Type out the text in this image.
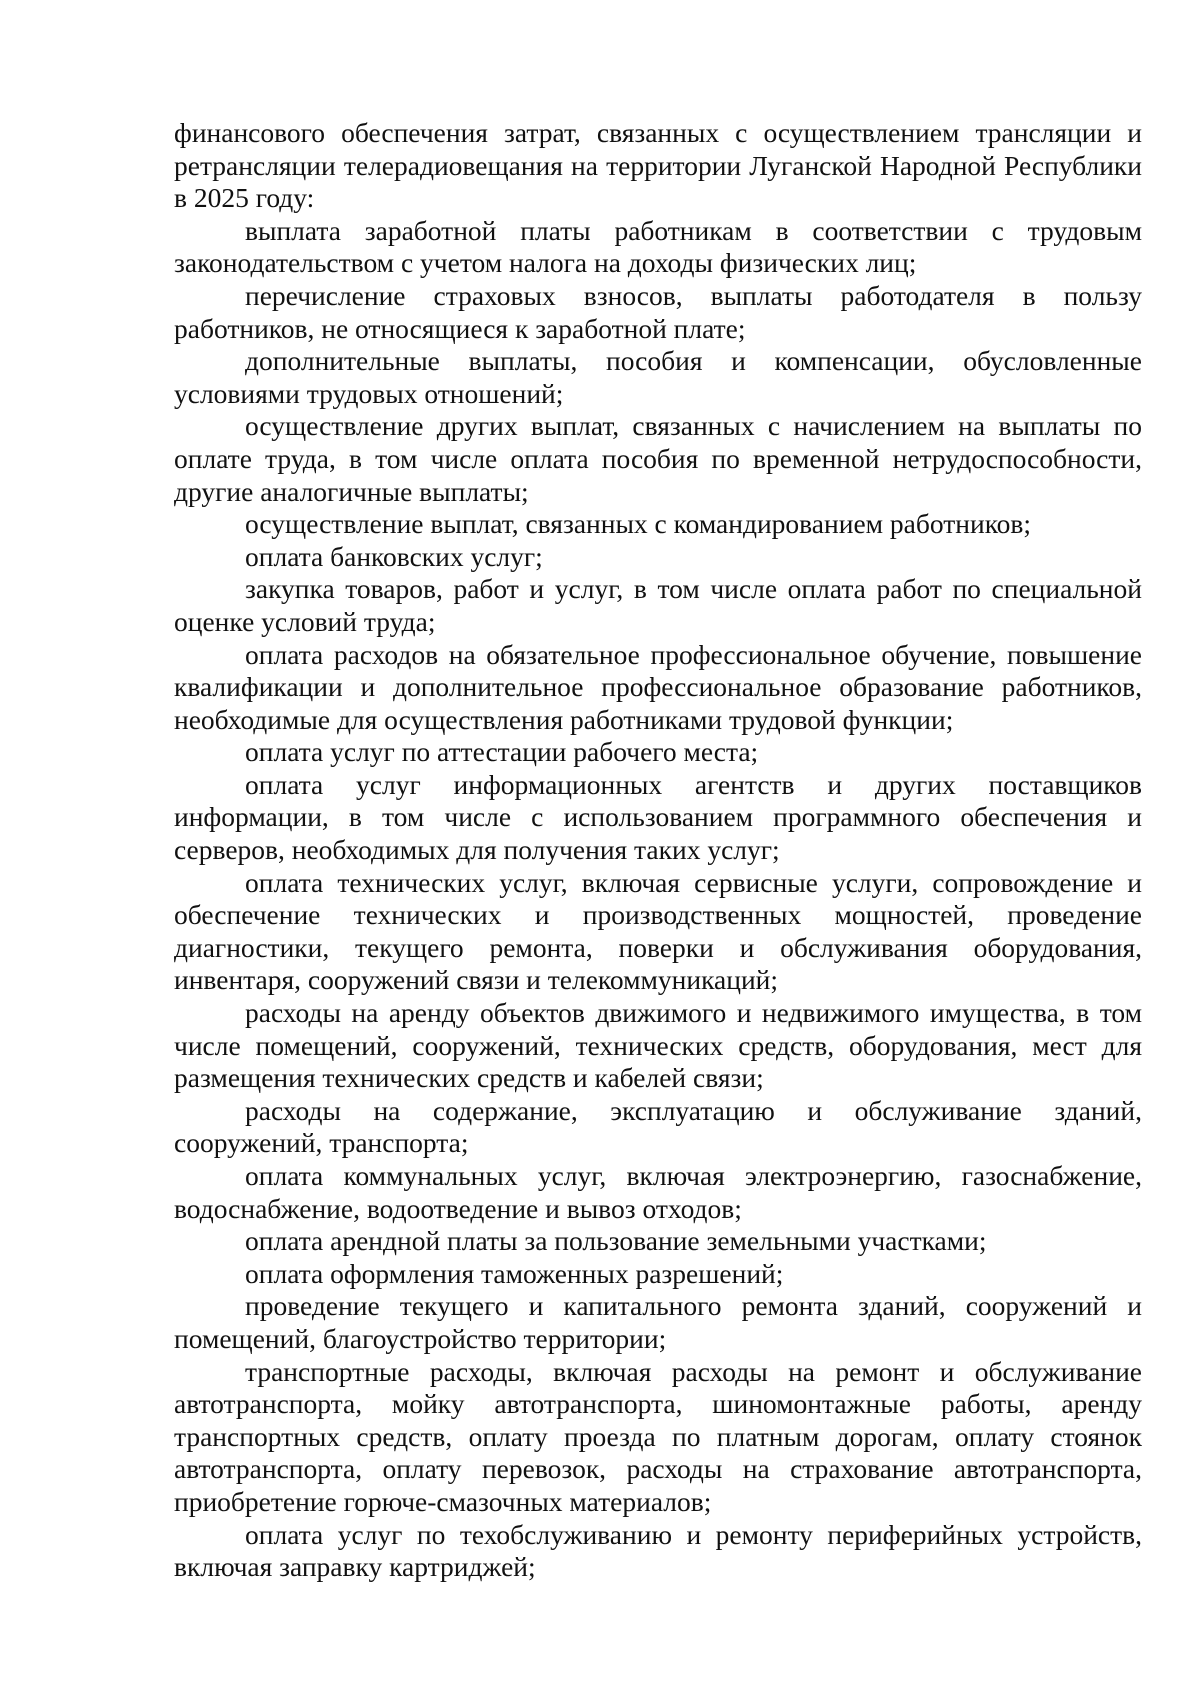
финансового обеспечения затрат, связанных с осуществлением трансляции и ретрансляции телерадиовещания на территории Луганской Народной Республики в 2025 году:

выплата заработной платы работникам в соответствии с трудовым законодательством с учетом налога на доходы физических лиц;

перечисление страховых взносов, выплаты работодателя в пользу работников, не относящиеся к заработной плате;

дополнительные выплаты, пособия и компенсации, обусловленные условиями трудовых отношений;

осуществление других выплат, связанных с начислением на выплаты по оплате труда, в том числе оплата пособия по временной нетрудоспособности, другие аналогичные выплаты;

осуществление выплат, связанных с командированием работников;

оплата банковских услуг;

закупка товаров, работ и услуг, в том числе оплата работ по специальной оценке условий труда;

оплата расходов на обязательное профессиональное обучение, повышение квалификации и дополнительное профессиональное образование работников, необходимые для осуществления работниками трудовой функции;

оплата услуг по аттестации рабочего места;

оплата услуг информационных агентств и других поставщиков информации, в том числе с использованием программного обеспечения и серверов, необходимых для получения таких услуг;

оплата технических услуг, включая сервисные услуги, сопровождение и обеспечение технических и производственных мощностей, проведение диагностики, текущего ремонта, поверки и обслуживания оборудования, инвентаря, сооружений связи и телекоммуникаций;

расходы на аренду объектов движимого и недвижимого имущества, в том числе помещений, сооружений, технических средств, оборудования, мест для размещения технических средств и кабелей связи;

расходы на содержание, эксплуатацию и обслуживание зданий, сооружений, транспорта;

оплата коммунальных услуг, включая электроэнергию, газоснабжение, водоснабжение, водоотведение и вывоз отходов;

оплата арендной платы за пользование земельными участками;

оплата оформления таможенных разрешений;

проведение текущего и капитального ремонта зданий, сооружений и помещений, благоустройство территории;

транспортные расходы, включая расходы на ремонт и обслуживание автотранспорта, мойку автотранспорта, шиномонтажные работы, аренду транспортных средств, оплату проезда по платным дорогам, оплату стоянок автотранспорта, оплату перевозок, расходы на страхование автотранспорта, приобретение горюче-смазочных материалов;

оплата услуг по техобслуживанию и ремонту периферийных устройств, включая заправку картриджей;
